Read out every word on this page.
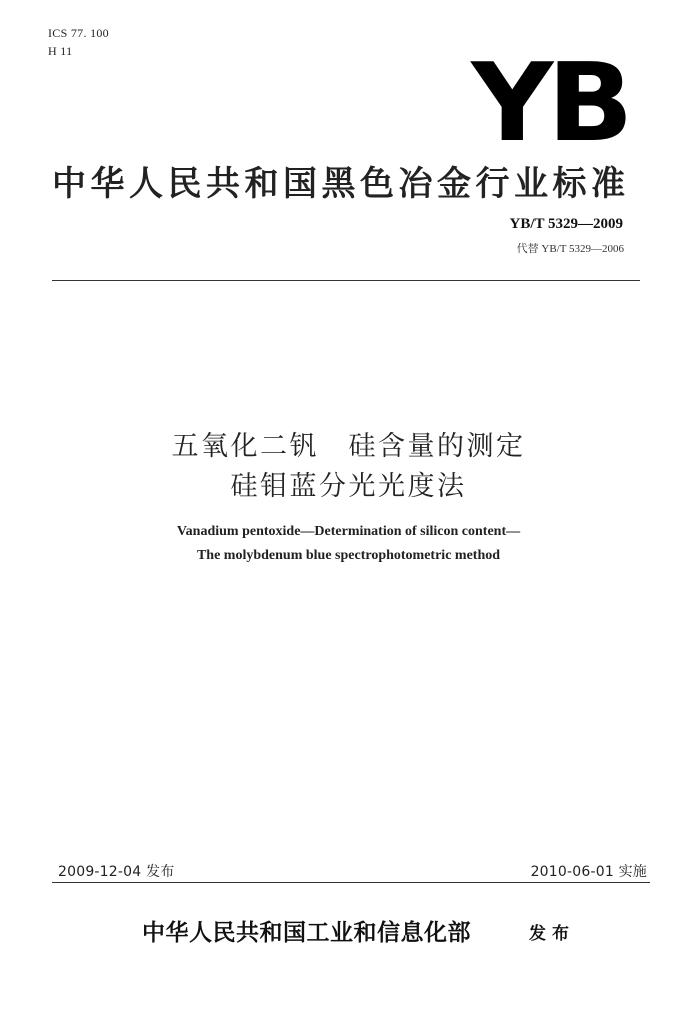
ICS 77. 100
H 11	YB
中华人民共和国黑色冶金行业标准
YB/T 5329—2009
代替 YB/T 5329—2006
五氧化二钒　硅含量的测定
硅钼蓝分光光度法
Vanadium pentoxide—Determination of silicon content—
The molybdenum blue spectrophotometric method
2009-12-04 发布	2010-06-01 实施
中华人民共和国工业和信息化部	发布
